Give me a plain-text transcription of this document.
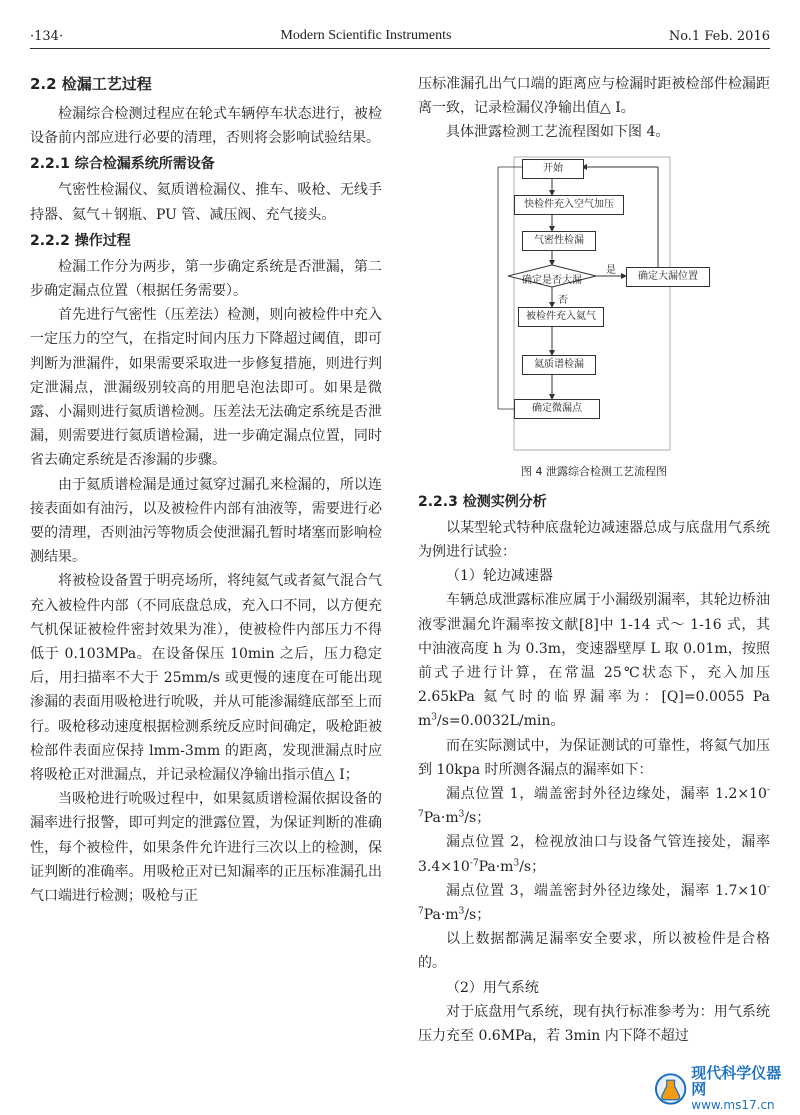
·134·	Modern Scientific Instruments	No.1 Feb. 2016
2.2 检漏工艺过程

检漏综合检测过程应在轮式车辆停车状态进行，被检设备前内部应进行必要的清理，否则将会影响试验结果。

2.2.1 综合检漏系统所需设备

气密性检漏仪、氦质谱检漏仪、推车、吸枪、无线手持器、氦气＋钢瓶、PU 管、减压阀、充气接头。

2.2.2 操作过程

检漏工作分为两步，第一步确定系统是否泄漏，第二步确定漏点位置（根据任务需要）。

首先进行气密性（压差法）检测，则向被检件中充入一定压力的空气，在指定时间内压力下降超过阈值，即可判断为泄漏件，如果需要采取进一步修复措施，则进行判定泄漏点，泄漏级别较高的用肥皂泡法即可。如果是微露、小漏则进行氦质谱检测。压差法无法确定系统是否泄漏，则需要进行氦质谱检漏，进一步确定漏点位置，同时省去确定系统是否渗漏的步骤。

由于氦质谱检漏是通过氦穿过漏孔来检漏的，所以连接表面如有油污，以及被检件内部有油液等，需要进行必要的清理，否则油污等物质会使泄漏孔暂时堵塞而影响检测结果。

将被检设备置于明亮场所，将纯氦气或者氦气混合气充入被检件内部（不同底盘总成，充入口不同，以方便充气机保证被检件密封效果为准），使被检件内部压力不得低于 0.103MPa。在设备保压 10min 之后，压力稳定后，用扫描率不大于 25mm/s 或更慢的速度在可能出现渗漏的表面用吸枪进行吮吸，并从可能渗漏缝底部至上而行。吸枪移动速度根据检测系统反应时间确定，吸枪距被检部件表面应保持 lmm-3mm 的距离，发现泄漏点时应将吸枪正对泄漏点，并记录检漏仪净输出指示值△ I；

当吸枪进行吮吸过程中，如果氦质谱检漏依据设备的漏率进行报警，即可判定的泄露位置，为保证判断的准确性，每个被检件，如果条件允许进行三次以上的检测，保证判断的准确率。用吸枪正对已知漏率的正压标准漏孔出气口端进行检测；吸枪与正

压标准漏孔出气口端的距离应与检漏时距被检部件检漏距离一致，记录检漏仪净输出值△ I。

具体泄露检测工艺流程图如下图 4。

开始
快检件充入空气加压
气密性检漏
确定是否大漏
是
否
确定大漏位置
被检件充入氦气
氦质谱检漏
确定微漏点
图 4 泄露综合检测工艺流程图
2.2.3 检测实例分析

以某型轮式特种底盘轮边减速器总成与底盘用气系统为例进行试验：

（1）轮边减速器

车辆总成泄露标准应属于小漏级别漏率，其轮边桥油液零泄漏允许漏率按文献[8]中 1-14 式～ 1-16 式，其中油液高度 h 为 0.3m，变速器壁厚 L 取 0.01m，按照前式子进行计算，在常温 25℃状态下，充入加压 2.65kPa 氦气时的临界漏率为：[Q]=0.0055 Pa $m^3/s=0.0032L/\min$。

而在实际测试中，为保证测试的可靠性，将氦气加压到 10kpa 时所测各漏点的漏率如下：

漏点位置 1，端盖密封外径边缘处，漏率 $1.2\times 10^{-7}Pa\cdot m^3/s$；

漏点位置 2，检视放油口与设备气管连接处，漏率 $3.4\times 10^{-7}Pa\cdot m^3/s$；

漏点位置 3，端盖密封外径边缘处，漏率 $1.7\times 10^{-7}Pa\cdot m^3/s$；

以上数据都满足漏率安全要求，所以被检件是合格的。

（2）用气系统

对于底盘用气系统，现有执行标准参考为：用气系统压力充至 0.6MPa，若 3min 内下降不超过

现代科学仪器网
www.ms17.cn
